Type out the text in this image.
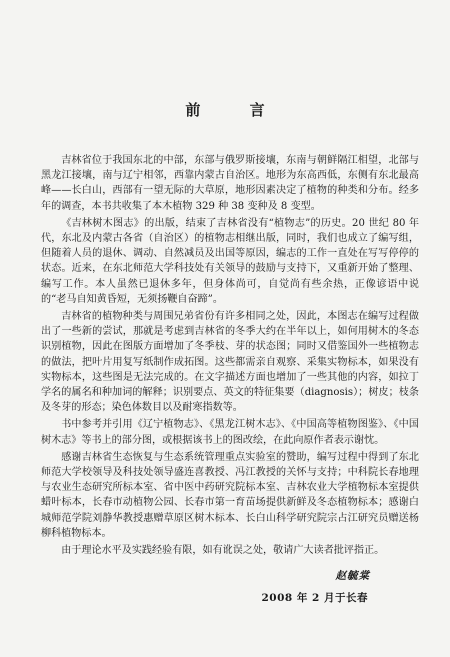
前 言

吉林省位于我国东北的中部，东部与俄罗斯接壤，东南与朝鲜隔江相望，北部与黑龙江接壤，南与辽宁相邻，西靠内蒙古自治区。地形为东高西低，东侧有东北最高峰——长白山，西部有一望无际的大草原，地形因素决定了植物的种类和分布。经多年的调查，本书共收集了本木植物 329 种 38 变种及 8 变型。

《吉林树木图志》的出版，结束了吉林省没有“植物志”的历史。20 世纪 80 年代，东北及内蒙古各省（自治区）的植物志相继出版，同时，我们也成立了编写组，但随着人员的退休、调动、自然减员及出国等原因，编志的工作一直处在写写停停的状态。近来，在东北师范大学科技处有关领导的鼓励与支持下，又重新开始了整理、编写工作。本人虽然已退休多年，但身体尚可，自觉尚有些余热，正像谚语中说的“老马自知黄昏短，无须扬鞭自奋蹄”。

吉林省的植物种类与周围兄弟省份有许多相同之处，因此，本图志在编写过程做出了一些新的尝试，那就是考虑到吉林省的冬季大约在半年以上，如何用树木的冬态识别植物，因此在图版方面增加了冬季枝、芽的状态图；同时又借鉴国外一些植物志的做法，把叶片用复写纸制作成拓图。这些都需亲自观察、采集实物标本，如果没有实物标本，这些图是无法完成的。在文字描述方面也增加了一些其他的内容，如拉丁学名的属名和种加词的解释；识别要点、英文的特征集要（diagnosis）；树皮；枝条及冬芽的形态；染色体数目以及耐寒指数等。

书中参考并引用《辽宁植物志》、《黑龙江树木志》、《中国高等植物图鉴》、《中国树木志》等书上的部分图，或根据该书上的图改绘，在此向原作者表示谢忱。

感谢吉林省生态恢复与生态系统管理重点实验室的赞助，编写过程中得到了东北师范大学校领导及科技处领导盛连喜教授、冯江教授的关怀与支持；中科院长春地理与农业生态研究所标本室、省中医中药研究院标本室、吉林农业大学植物标本室提供蜡叶标本，长春市动植物公园、长春市第一育苗场提供新鲜及冬态植物标本；感谢白城师范学院刘静华教授惠赠草原区树木标本、长白山科学研究院宗占江研究员赠送杨柳科植物标本。

由于理论水平及实践经验有限，如有讹误之处，敬请广大读者批评指正。

赵毓棠
2008 年 2 月于长春
